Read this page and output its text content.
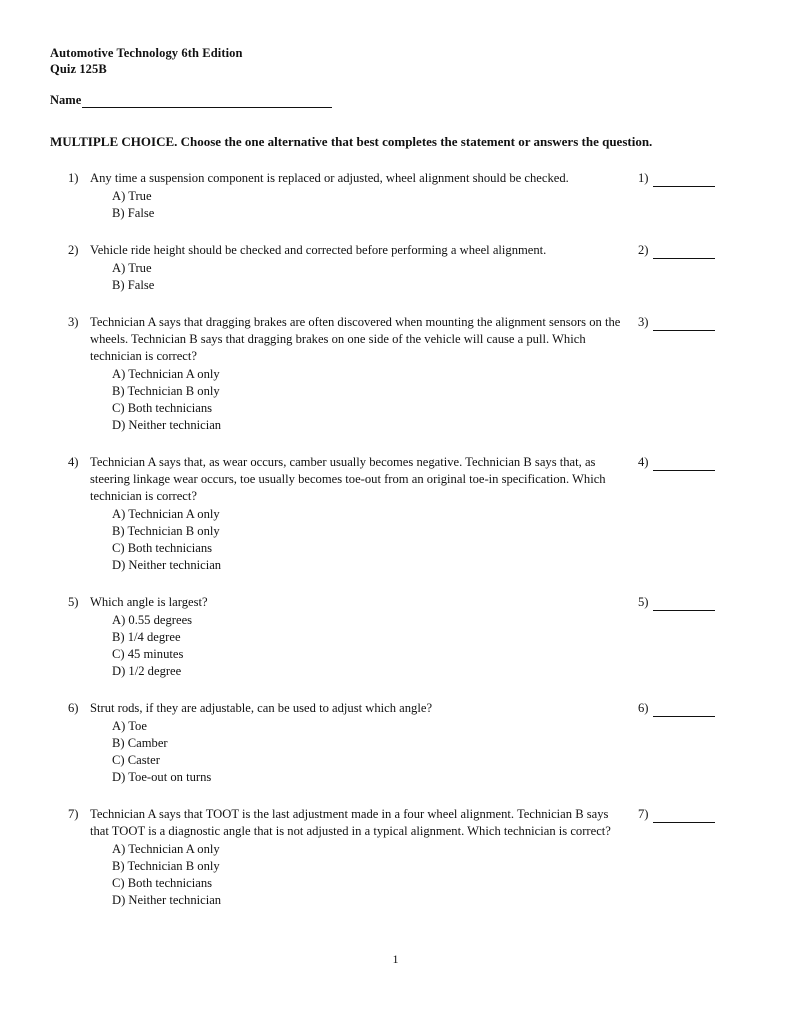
Automotive Technology 6th Edition
Quiz 125B
Name
MULTIPLE CHOICE. Choose the one alternative that best completes the statement or answers the question.
1) Any time a suspension component is replaced or adjusted, wheel alignment should be checked.
A) True
B) False
1)
2) Vehicle ride height should be checked and corrected before performing a wheel alignment.
A) True
B) False
2)
3) Technician A says that dragging brakes are often discovered when mounting the alignment sensors on the wheels. Technician B says that dragging brakes on one side of the vehicle will cause a pull. Which technician is correct?
A) Technician A only
B) Technician B only
C) Both technicians
D) Neither technician
3)
4) Technician A says that, as wear occurs, camber usually becomes negative. Technician B says that, as steering linkage wear occurs, toe usually becomes toe-out from an original toe-in specification. Which technician is correct?
A) Technician A only
B) Technician B only
C) Both technicians
D) Neither technician
4)
5) Which angle is largest?
A) 0.55 degrees
B) 1/4 degree
C) 45 minutes
D) 1/2 degree
5)
6) Strut rods, if they are adjustable, can be used to adjust which angle?
A) Toe
B) Camber
C) Caster
D) Toe-out on turns
6)
7) Technician A says that TOOT is the last adjustment made in a four wheel alignment. Technician B says that TOOT is a diagnostic angle that is not adjusted in a typical alignment. Which technician is correct?
A) Technician A only
B) Technician B only
C) Both technicians
D) Neither technician
7)
1
